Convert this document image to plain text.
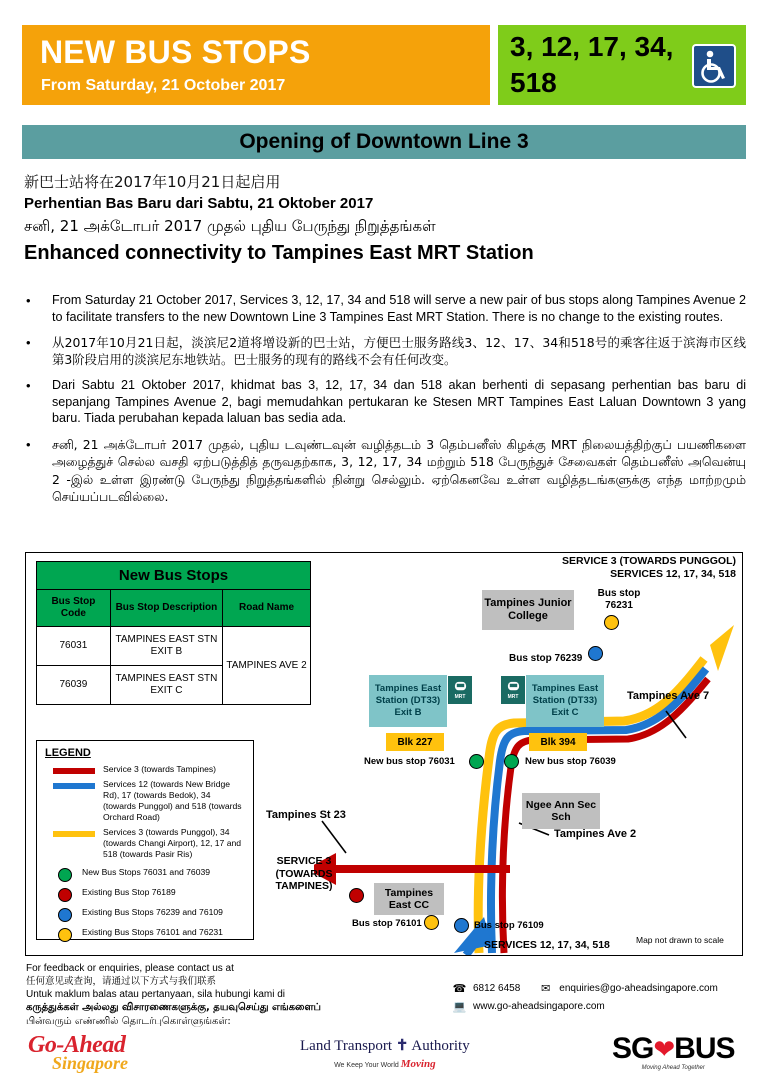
NEW BUS STOPS
From Saturday, 21 October 2017
3, 12, 17, 34, 518
Opening of Downtown Line 3
新巴士站将在2017年10月21日起启用
Perhentian Bas Baru dari Sabtu, 21 Oktober 2017
சனி, 21 அக்டோபர் 2017 முதல் புதிய பேருந்து நிறுத்தங்கள்
Enhanced connectivity to Tampines East MRT Station
•	From Saturday 21 October 2017, Services 3, 12, 17, 34 and 518 will serve a new pair of bus stops along Tampines Avenue 2 to facilitate transfers to the new Downtown Line 3 Tampines East MRT Station. There is no change to the existing routes.
•	从2017年10月21日起，淡滨尼2道将增设新的巴士站，方便巴士服务路线3、12、17、34和518号的乘客往返于滨海市区线第3阶段启用的淡滨尼东地铁站。巴士服务的现有的路线不会有任何改变。
•	Dari Sabtu 21 Oktober 2017, khidmat bas 3, 12, 17, 34 dan 518 akan berhenti di sepasang perhentian bas baru di sepanjang Tampines Avenue 2, bagi memudahkan pertukaran ke Stesen MRT Tampines East Laluan Downtown 3 yang baru. Tiada perubahan kepada laluan bas sedia ada.
•	சனி, 21 அக்டோபர் 2017 முதல், புதிய டவுண்டவுன் வழித்தடம் 3 தெம்பனீஸ் கிழக்கு MRT நிலையத்திற்குப் பயணிகளை அழைத்துச் செல்ல வசதி ஏற்படுத்தித் தருவதற்காக, 3, 12, 17, 34 மற்றும் 518 பேருந்துச் சேவைகள் தெம்பனீஸ் அவென்யு 2 -இல் உள்ள இரண்டு பேருந்து நிறுத்தங்களில் நின்று செல்லும். ஏற்கெனவே உள்ள வழித்தடங்களுக்கு எந்த மாற்றமும் செய்யப்படவில்லை.
New Bus Stops		
Bus Stop Code	Bus Stop Description	Road Name
76031	TAMPINES EAST STN EXIT B	TAMPINES AVE 2
76039	TAMPINES EAST STN EXIT C	
LEGEND
Service 3 (towards Tampines)
Services 12 (towards New Bridge Rd), 17 (towards Bedok), 34 (towards Punggol) and 518 (towards Orchard Road)
Services 3 (towards Punggol), 34 (towards Changi Airport), 12, 17 and 518 (towards Pasir Ris)
New Bus Stops 76031 and 76039
Existing Bus Stop 76189
Existing Bus Stops 76239 and 76109
Existing Bus Stops 76101 and 76231
SERVICE 3 (TOWARDS PUNGGOL)
SERVICES 12, 17, 34, 518
Tampines Junior College
Bus stop
76231
Tampines Ave 7
Bus stop 76239
Tampines East Station (DT33) Exit B
MRT
Blk 227
Tampines East Station (DT33) Exit C
MRT
Blk 394
New bus stop 76031	New bus stop 76039
Ngee Ann Sec Sch
Tampines Ave 2
Tampines St 23
Tampines East CC
Bus stop 76101	Bus stop 76109
SERVICE 3
(TOWARDS
TAMPINES)
SERVICES 12, 17, 34, 518	Map not drawn to scale
For feedback or enquiries, please contact us at
任何意见或查询，请通过以下方式与我们联系
Untuk maklum balas atau pertanyaan, sila hubungi kami di
கருத்துக்கள் அல்லது விசாரணைகளுக்கு, தயவுசெய்து எங்களைப்
பின்வரும் எண்ணில் தொடர்புகொள்ளுங்கள்:
☎ 6812 6458 ✉ enquiries@go-aheadsingapore.com
💻 www.go-aheadsingapore.com
Go-Ahead
Singapore
Land Transport ✝ Authority
We Keep Your World Moving	SG❤BUS
Moving Ahead Together
